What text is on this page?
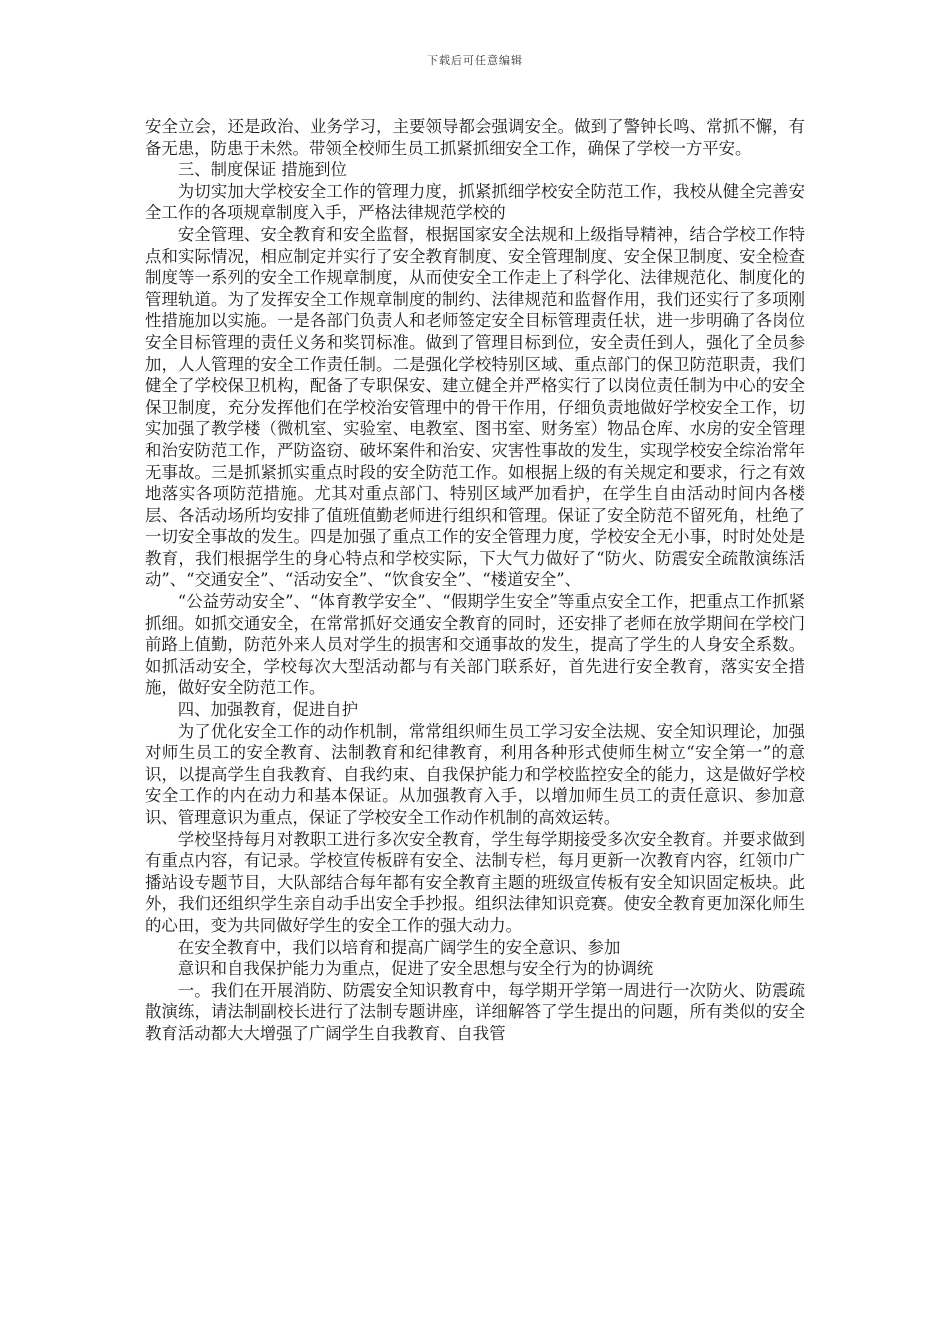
下载后可任意编辑

安全立会，还是政治、业务学习，主要领导都会强调安全。做到了警钟长鸣、常抓不懈，有备无患，防患于未然。带领全校师生员工抓紧抓细安全工作，确保了学校一方平安。

三、制度保证 措施到位

为切实加大学校安全工作的管理力度，抓紧抓细学校安全防范工作，我校从健全完善安全工作的各项规章制度入手，严格法律规范学校的

安全管理、安全教育和安全监督，根据国家安全法规和上级指导精神，结合学校工作特点和实际情况，相应制定并实行了安全教育制度、安全管理制度、安全保卫制度、安全检查制度等一系列的安全工作规章制度，从而使安全工作走上了科学化、法律规范化、制度化的管理轨道。为了发挥安全工作规章制度的制约、法律规范和监督作用，我们还实行了多项刚性措施加以实施。一是各部门负责人和老师签定安全目标管理责任状，进一步明确了各岗位安全目标管理的责任义务和奖罚标准。做到了管理目标到位，安全责任到人，强化了全员参加，人人管理的安全工作责任制。二是强化学校特别区域、重点部门的保卫防范职责，我们健全了学校保卫机构，配备了专职保安、建立健全并严格实行了以岗位责任制为中心的安全保卫制度，充分发挥他们在学校治安管理中的骨干作用，仔细负责地做好学校安全工作，切实加强了教学楼（微机室、实验室、电教室、图书室、财务室）物品仓库、水房的安全管理和治安防范工作，严防盗窃、破坏案件和治安、灾害性事故的发生，实现学校安全综治常年无事故。三是抓紧抓实重点时段的安全防范工作。如根据上级的有关规定和要求，行之有效地落实各项防范措施。尤其对重点部门、特别区域严加看护，在学生自由活动时间内各楼层、各活动场所均安排了值班值勤老师进行组织和管理。保证了安全防范不留死角，杜绝了一切安全事故的发生。四是加强了重点工作的安全管理力度，学校安全无小事，时时处处是教育，我们根据学生的身心特点和学校实际，下大气力做好了“防火、防震安全疏散演练活动”、“交通安全”、“活动安全”、“饮食安全”、“楼道安全”、

“公益劳动安全”、“体育教学安全”、“假期学生安全”等重点安全工作，把重点工作抓紧抓细。如抓交通安全，在常常抓好交通安全教育的同时，还安排了老师在放学期间在学校门前路上值勤，防范外来人员对学生的损害和交通事故的发生，提高了学生的人身安全系数。如抓活动安全，学校每次大型活动都与有关部门联系好，首先进行安全教育，落实安全措施，做好安全防范工作。

四、加强教育，促进自护

为了优化安全工作的动作机制，常常组织师生员工学习安全法规、安全知识理论，加强对师生员工的安全教育、法制教育和纪律教育，利用各种形式使师生树立“安全第一”的意识，以提高学生自我教育、自我约束、自我保护能力和学校监控安全的能力，这是做好学校安全工作的内在动力和基本保证。从加强教育入手，以增加师生员工的责任意识、参加意识、管理意识为重点，保证了学校安全工作动作机制的高效运转。

学校坚持每月对教职工进行多次安全教育，学生每学期接受多次安全教育。并要求做到有重点内容，有记录。学校宣传板辟有安全、法制专栏，每月更新一次教育内容，红领巾广播站设专题节目，大队部结合每年都有安全教育主题的班级宣传板有安全知识固定板块。此外，我们还组织学生亲自动手出安全手抄报。组织法律知识竞赛。使安全教育更加深化师生的心田，变为共同做好学生的安全工作的强大动力。

在安全教育中，我们以培育和提高广阔学生的安全意识、参加

意识和自我保护能力为重点，促进了安全思想与安全行为的协调统

一。我们在开展消防、防震安全知识教育中，每学期开学第一周进行一次防火、防震疏散演练，请法制副校长进行了法制专题讲座，详细解答了学生提出的问题，所有类似的安全教育活动都大大增强了广阔学生自我教育、自我管
